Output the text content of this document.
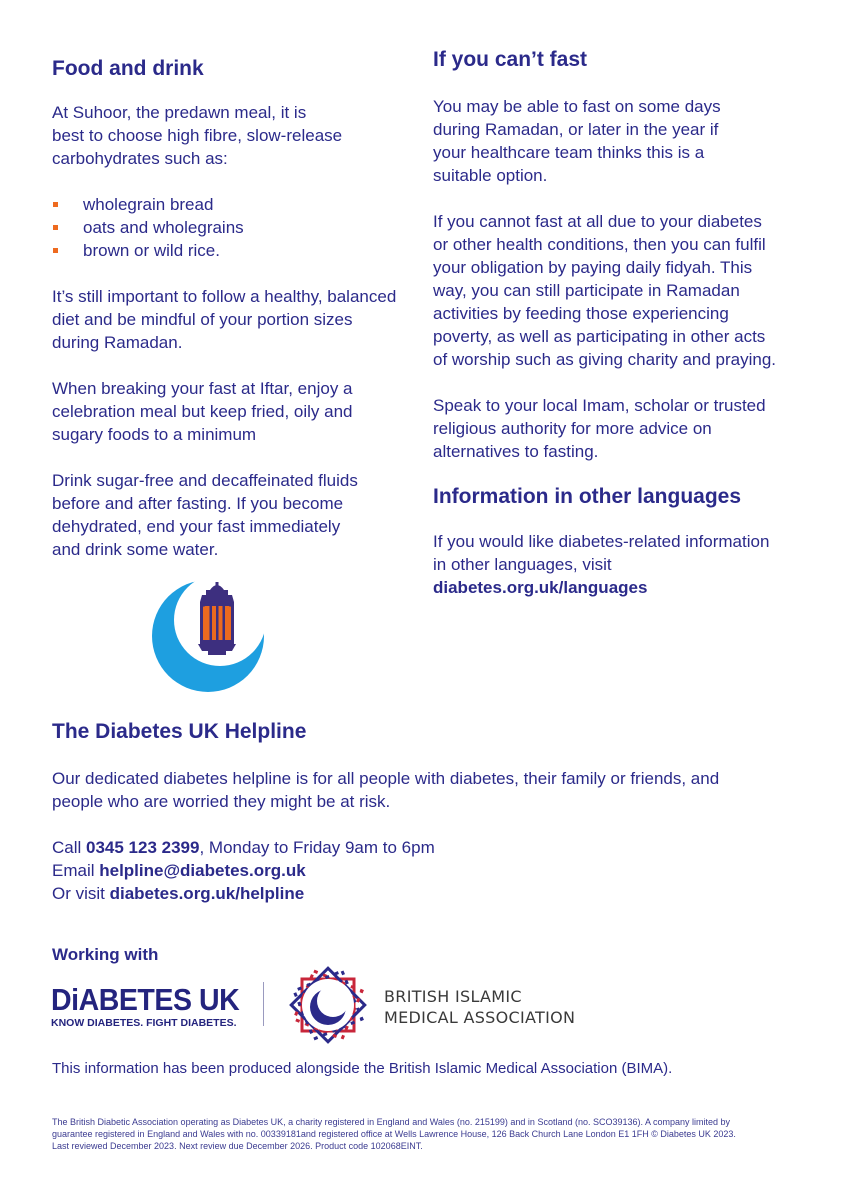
Food and drink

At Suhoor, the predawn meal, it is
best to choose high fibre, slow-release
carbohydrates such as:

wholegrain bread
oats and wholegrains
brown or wild rice.

It’s still important to follow a healthy, balanced
diet and be mindful of your portion sizes
during Ramadan.

When breaking your fast at Iftar, enjoy a
celebration meal but keep fried, oily and
sugary foods to a minimum

Drink sugar-free and decaffeinated fluids
before and after fasting. If you become
dehydrated, end your fast immediately
and drink some water.

If you can’t fast

You may be able to fast on some days
during Ramadan, or later in the year if
your healthcare team thinks this is a
suitable option.

If you cannot fast at all due to your diabetes
or other health conditions, then you can fulfil
your obligation by paying daily fidyah. This
way, you can still participate in Ramadan
activities by feeding those experiencing
poverty, as well as participating in other acts
of worship such as giving charity and praying.

Speak to your local Imam, scholar or trusted
religious authority for more advice on
alternatives to fasting.

Information in other languages

If you would like diabetes-related information
in other languages, visit
diabetes.org.uk/languages

The Diabetes UK Helpline

Our dedicated diabetes helpline is for all people with diabetes, their family or friends, and
people who are worried they might be at risk.

Call 0345 123 2399, Monday to Friday 9am to 6pm
Email helpline@diabetes.org.uk
Or visit diabetes.org.uk/helpline

Working with
DiABETES UK
KNOW DIABETES. FIGHT DIABETES.
BRITISH ISLAMIC
MEDICAL ASSOCIATION

This information has been produced alongside the British Islamic Medical Association (BIMA).

The British Diabetic Association operating as Diabetes UK, a charity registered in England and Wales (no. 215199) and in Scotland (no. SCO39136). A company limited by
guarantee registered in England and Wales with no. 00339181and registered office at Wells Lawrence House, 126 Back Church Lane London E1 1FH © Diabetes UK 2023.
Last reviewed December 2023. Next review due December 2026. Product code 102068EINT.
